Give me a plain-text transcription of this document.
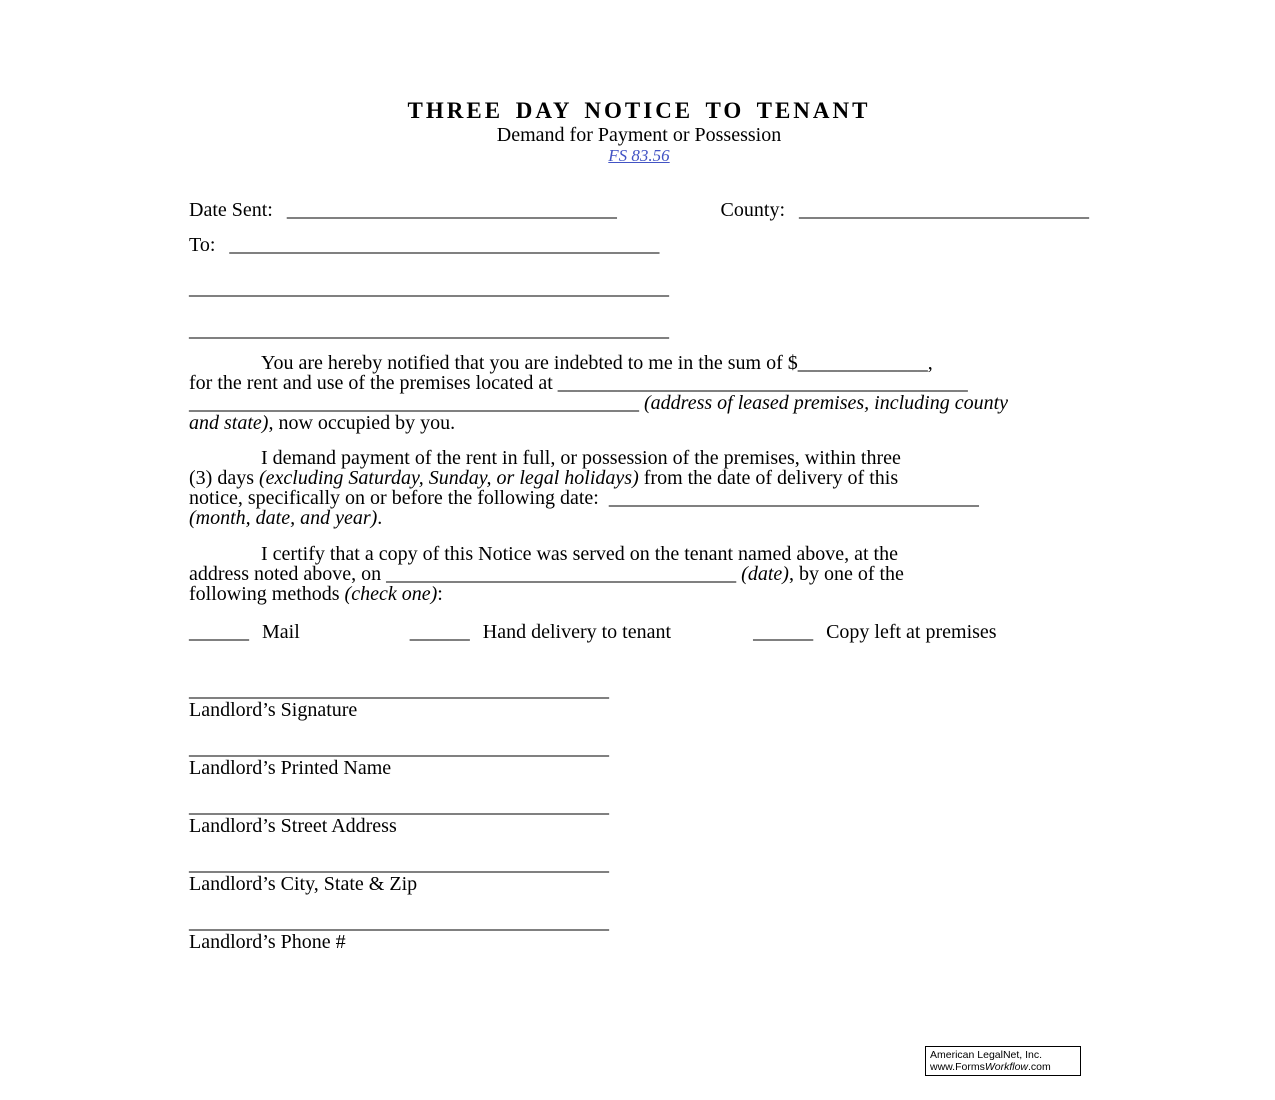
THREE DAY NOTICE TO TENANT
Demand for Payment or Possession
FS 83.56
Date Sent: _________________________________	County: _____________________________
To: ___________________________________________
________________________________________________
________________________________________________
You are hereby notified that you are indebted to me in the sum of $_____________,
for the rent and use of the premises located at _________________________________________
_____________________________________________ (address of leased premises, including county
and state), now occupied by you.
I demand payment of the rent in full, or possession of the premises, within three
(3) days (excluding Saturday, Sunday, or legal holidays) from the date of delivery of this
notice, specifically on or before the following date:  _____________________________________
(month, date, and year).
I certify that a copy of this Notice was served on the tenant named above, at the
address noted above, on ___________________________________ (date), by one of the
following methods (check one):
______ Mail	______ Hand delivery to tenant	______ Copy left at premises
__________________________________________
Landlord’s Signature
__________________________________________
Landlord’s Printed Name
__________________________________________
Landlord’s Street Address
__________________________________________
Landlord’s City, State & Zip
__________________________________________
Landlord’s Phone #
American LegalNet, Inc.
www.FormsWorkflow.com
